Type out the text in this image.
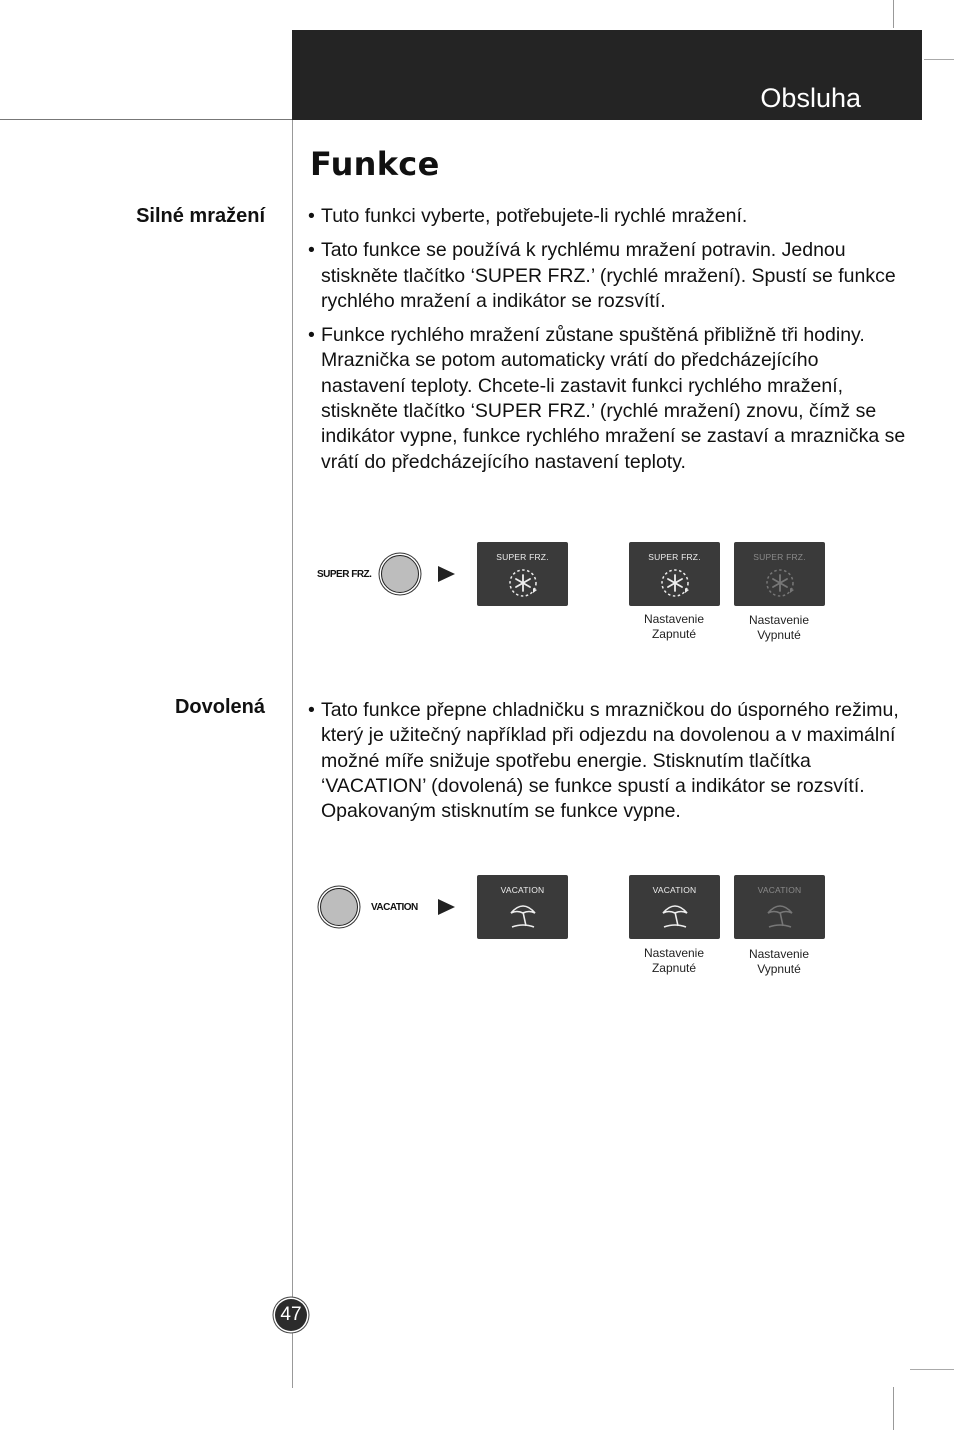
Obsluha
Funkce
Silné mražení	• Tuto funkci vyberte, potřebujete-li rychlé mražení.
• Tato funkce se používá k rychlému mražení potravin. Jednou stiskněte tlačítko ‘SUPER FRZ.’ (rychlé mražení). Spustí se funkce rychlého mražení a indikátor se rozsvítí.
• Funkce rychlého mražení zůstane spuštěná přibližně tři hodiny. Mraznička se potom automaticky vrátí do předcházejícího nastavení teploty. Chcete-li zastavit funkci rychlého mražení, stiskněte tlačítko ‘SUPER FRZ.’ (rychlé mražení) znovu, čímž se indikátor vypne, funkce rychlého mražení se zastaví a mraznička se vrátí do předcházejícího nastavení teploty.
SUPER FRZ.
SUPER FRZ.	SUPER FRZ.	SUPER FRZ.
Nastavenie Zapnuté
Nastavenie Vypnuté
Dovolená	• Tato funkce přepne chladničku s mrazničkou do úsporného režimu, který je užitečný například při odjezdu na dovolenou a v maximální možné míře snižuje spotřebu energie. Stisknutím tlačítka ‘VACATION’ (dovolená) se funkce spustí a indikátor se rozsvítí. Opakovaným stisknutím se funkce vypne.
VACATION
VACATION	VACATION	VACATION
Nastavenie Zapnuté
Nastavenie Vypnuté
47
